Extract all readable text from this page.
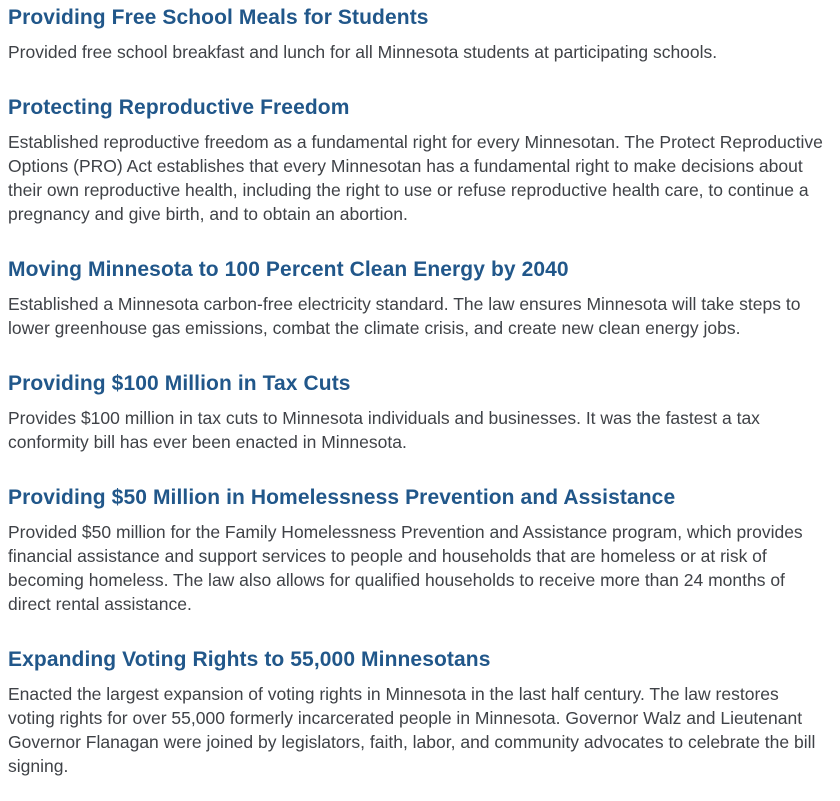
Providing Free School Meals for Students

Provided free school breakfast and lunch for all Minnesota students at participating schools.

Protecting Reproductive Freedom

Established reproductive freedom as a fundamental right for every Minnesotan. The Protect Reproductive Options (PRO) Act establishes that every Minnesotan has a fundamental right to make decisions about their own reproductive health, including the right to use or refuse reproductive health care, to continue a pregnancy and give birth, and to obtain an abortion.

Moving Minnesota to 100 Percent Clean Energy by 2040

Established a Minnesota carbon-free electricity standard. The law ensures Minnesota will take steps to lower greenhouse gas emissions, combat the climate crisis, and create new clean energy jobs.

Providing $100 Million in Tax Cuts

Provides $100 million in tax cuts to Minnesota individuals and businesses. It was the fastest a tax conformity bill has ever been enacted in Minnesota.

Providing $50 Million in Homelessness Prevention and Assistance

Provided $50 million for the Family Homelessness Prevention and Assistance program, which provides financial assistance and support services to people and households that are homeless or at risk of becoming homeless. The law also allows for qualified households to receive more than 24 months of direct rental assistance.

Expanding Voting Rights to 55,000 Minnesotans

Enacted the largest expansion of voting rights in Minnesota in the last half century. The law restores voting rights for over 55,000 formerly incarcerated people in Minnesota. Governor Walz and Lieutenant Governor Flanagan were joined by legislators, faith, labor, and community advocates to celebrate the bill signing.
